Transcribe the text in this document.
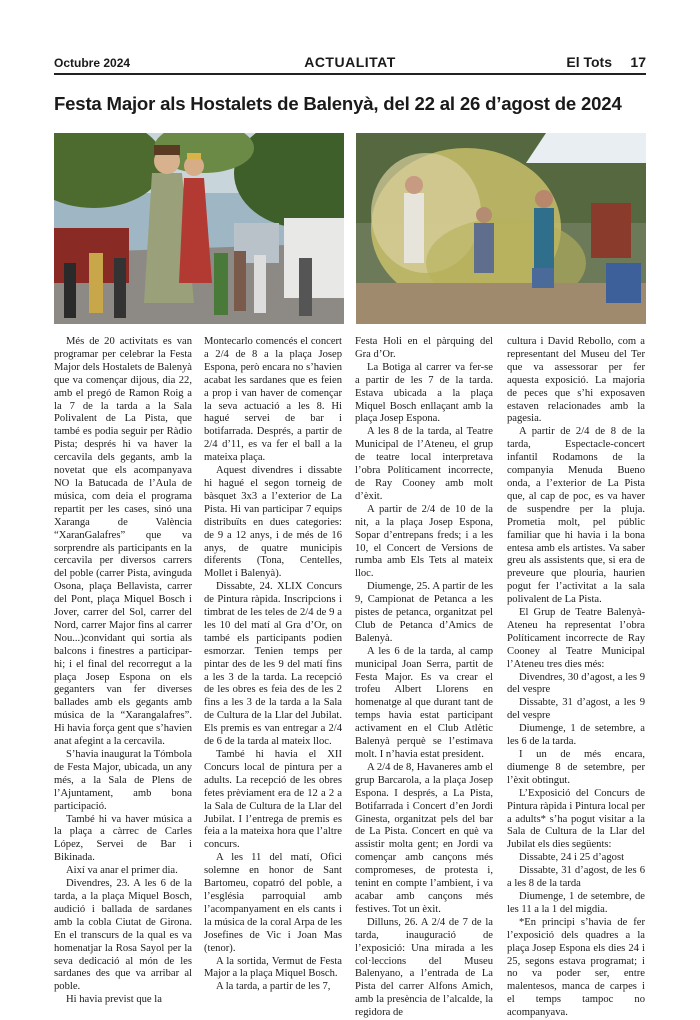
Octubre 2024	ACTUALITAT	El Tots 17
Festa Major als Hostalets de Balenyà, del 22 al 26 d’agost de 2024

Més de 20 activitats es van programar per celebrar la Festa Major dels Hostalets de Balenyà que va començar dijous, dia 22, amb el pregó de Ramon Roig a la 7 de la tarda a la Sala Polivalent de La Pista, que també es podia seguir per Ràdio Pista; després hi va haver la cercavila dels gegants, amb la novetat que els acompanyava NO la Batucada de l’Aula de música, com deia el programa repartit per les cases, sinó una Xaranga de València “XaranGalafres” que va sorprendre als participants en la cercavila per diversos carrers del poble (carrer Pista, avinguda Osona, plaça Bellavista, carrer del Pont, plaça Miquel Bosch i Jover, carrer del Sol, carrer del Nord, carrer Major fins al carrer Nou...)convidant qui sortia als balcons i finestres a participar-hi; i el final del recorregut a la plaça Josep Espona on els geganters van fer diverses ballades amb els gegants amb música de la “Xarangalafres”. Hi havia força gent que s’havien anat afegint a la cercavila.

S’havia inaugurat la Tómbola de Festa Major, ubicada, un any més, a la Sala de Plens de l’Ajuntament, amb bona participació.

També hi va haver música a la plaça a càrrec de Carles López, Servei de Bar i Bikinada.

Així va anar el primer dia.

Divendres, 23. A les 6 de la tarda, a la plaça Miquel Bosch, audició i ballada de sardanes amb la cobla Ciutat de Girona. En el transcurs de la qual es va homenatjar la Rosa Sayol per la seva dedicació al món de les sardanes des que va arribar al poble.

Hi havia previst que la

Montecarlo comencés el concert a 2/4 de 8 a la plaça Josep Espona, però encara no s’havien acabat les sardanes que es feien a prop i van haver de començar la seva actuació a les 8. Hi hagué servei de bar i botifarrada. Després, a partir de 2/4 d’11, es va fer el ball a la mateixa plaça.

Aquest divendres i dissabte hi hagué el segon torneig de bàsquet 3x3 a l’exterior de La Pista. Hi van participar 7 equips distribuïts en dues categories: de 9 a 12 anys, i de més de 16 anys, de quatre municipis diferents (Tona, Centelles, Mollet i Balenyà).

Dissabte, 24. XLIX Concurs de Pintura ràpida. Inscripcions i timbrat de les teles de 2/4 de 9 a les 10 del matí al Gra d’Or, on també els participants podien esmorzar. Tenien temps per pintar des de les 9 del matí fins a les 3 de la tarda. La recepció de les obres es feia des de les 2 fins a les 3 de la tarda a la Sala de Cultura de la Llar del Jubilat. Els premis es van entregar a 2/4 de 6 de la tarda al mateix lloc.

També hi havia el XII Concurs local de pintura per a adults. La recepció de les obres fetes prèviament era de 12 a 2 a la Sala de Cultura de la Llar del Jubilat. I l’entrega de premis es feia a la mateixa hora que l’altre concurs.

A les 11 del matí, Ofici solemne en honor de Sant Bartomeu, copatró del poble, a l’església parroquial amb l’acompanyament en els cants i la música de la coral Arpa de les Josefines de Vic i Joan Mas (tenor).

A la sortida, Vermut de Festa Major a la plaça Miquel Bosch.

A la tarda, a partir de les 7,

Festa Holi en el pàrquing del Gra d’Or.

La Botiga al carrer va fer-se a partir de les 7 de la tarda. Estava ubicada a la plaça Miquel Bosch enllaçant amb la plaça Josep Espona.

A les 8 de la tarda, al Teatre Municipal de l’Ateneu, el grup de teatre local interpretava l’obra Políticament incorrecte, de Ray Cooney amb molt d’èxit.

A partir de 2/4 de 10 de la nit, a la plaça Josep Espona, Sopar d’entrepans freds; i a les 10, el Concert de Versions de rumba amb Els Tets al mateix lloc.

Diumenge, 25. A partir de les 9, Campionat de Petanca a les pistes de petanca, organitzat pel Club de Petanca d’Amics de Balenyà.

A les 6 de la tarda, al camp municipal Joan Serra, partit de Festa Major. Es va crear el trofeu Albert Llorens en homenatge al que durant tant de temps havia estat participant activament en el Club Atlètic Balenyà perquè se l’estimava molt. I n’havia estat president.

A 2/4 de 8, Havaneres amb el grup Barcarola, a la plaça Josep Espona. I després, a La Pista, Botifarrada i Concert d’en Jordi Ginesta, organitzat pels del bar de La Pista. Concert en què va assistir molta gent; en Jordi va començar amb cançons més compromeses, de protesta i, tenint en compte l’ambient, i va acabar amb cançons més festives. Tot un èxit.

Dilluns, 26. A 2/4 de 7 de la tarda, inauguració de l’exposició: Una mirada a les col·leccions del Museu Balenyano, a l’entrada de La Pista del carrer Alfons Amich, amb la presència de l’alcalde, la regidora de

cultura i David Rebollo, com a representant del Museu del Ter que va assessorar per fer aquesta exposició. La majoria de peces que s’hi exposaven estaven relacionades amb la pagesia.

A partir de 2/4 de 8 de la tarda, Espectacle-concert infantil Rodamons de la companyia Menuda Bueno onda, a l’exterior de La Pista que, al cap de poc, es va haver de suspendre per la pluja. Prometia molt, pel públic familiar que hi havia i la bona entesa amb els artistes. Va saber greu als assistents que, si era de preveure que plouria, haurien pogut fer l’activitat a la sala polivalent de La Pista.

El Grup de Teatre Balenyà-Ateneu ha representat l’obra Políticament incorrecte de Ray Cooney al Teatre Municipal l’Ateneu tres dies més:

Divendres, 30 d’agost, a les 9 del vespre

Dissabte, 31 d’agost, a les 9 del vespre

Diumenge, 1 de setembre, a les 6 de la tarda.

I un de més encara, diumenge 8 de setembre, per l’èxit obtingut.

L’Exposició del Concurs de Pintura ràpida i Pintura local per a adults* s’ha pogut visitar a la Sala de Cultura de la Llar del Jubilat els dies següents:

Dissabte, 24 i 25 d’agost

Dissabte, 31 d’agost, de les 6 a les 8 de la tarda

Diumenge, 1 de setembre, de les 11 a la 1 del migdia.

*En principi s’havia de fer l’exposició dels quadres a la plaça Josep Espona els dies 24 i 25, segons estava programat; i no va poder ser, entre malentesos, manca de carpes i el temps tampoc no acompanyava.
